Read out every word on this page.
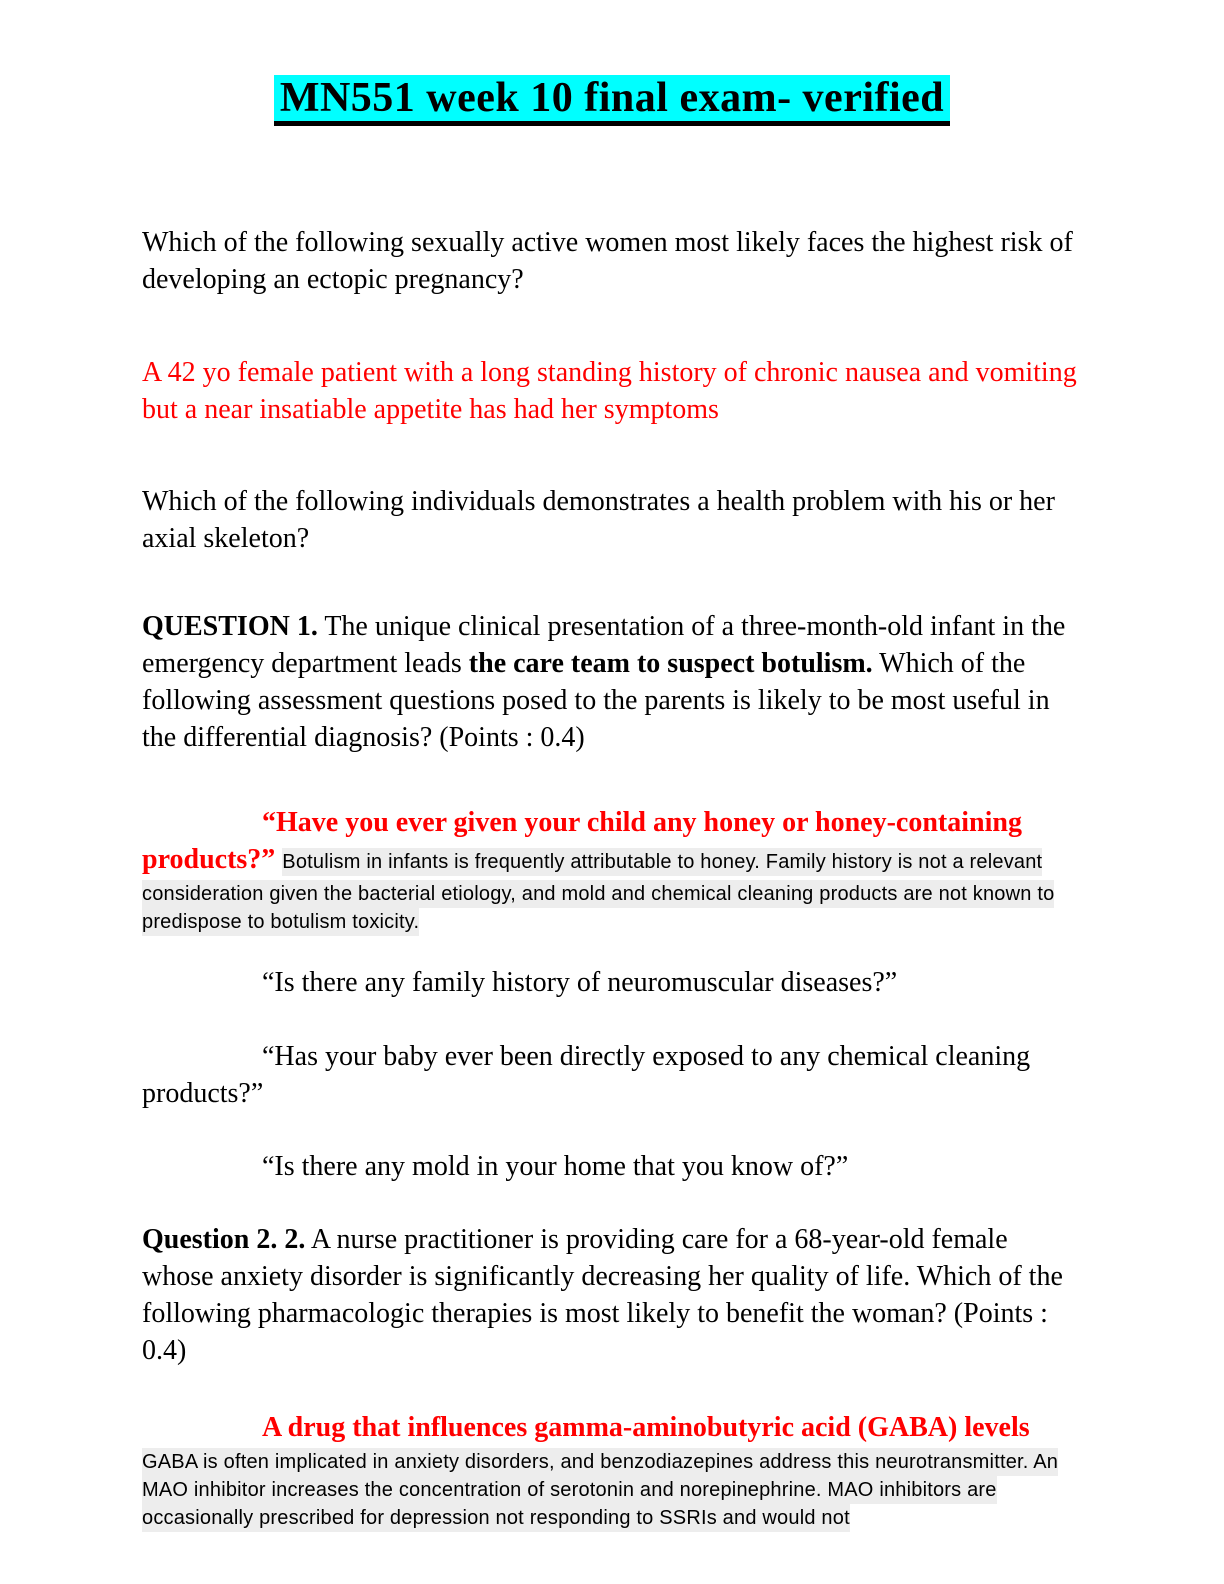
MN551 week 10 final exam- verified

Which of the following sexually active women most likely faces the highest risk of developing an ectopic pregnancy?

A 42 yo female patient with a long standing history of chronic nausea and vomiting but a near insatiable appetite has had her symptoms

Which of the following individuals demonstrates a health problem with his or her axial skeleton?

QUESTION 1. The unique clinical presentation of a three-month-old infant in the emergency department leads the care team to suspect botulism. Which of the following assessment questions posed to the parents is likely to be most useful in the differential diagnosis? (Points : 0.4)

“Have you ever given your child any honey or honey-containing products?” Botulism in infants is frequently attributable to honey. Family history is not a relevant consideration given the bacterial etiology, and mold and chemical cleaning products are not known to predispose to botulism toxicity.

“Is there any family history of neuromuscular diseases?”

“Has your baby ever been directly exposed to any chemical cleaning products?”

“Is there any mold in your home that you know of?”

Question 2. 2. A nurse practitioner is providing care for a 68-year-old female whose anxiety disorder is significantly decreasing her quality of life. Which of the following pharmacologic therapies is most likely to benefit the woman? (Points : 0.4)

A drug that influences gamma-aminobutyric acid (GABA) levels GABA is often implicated in anxiety disorders, and benzodiazepines address this neurotransmitter. An MAO inhibitor increases the concentration of serotonin and norepinephrine. MAO inhibitors are occasionally prescribed for depression not responding to SSRIs and would not
